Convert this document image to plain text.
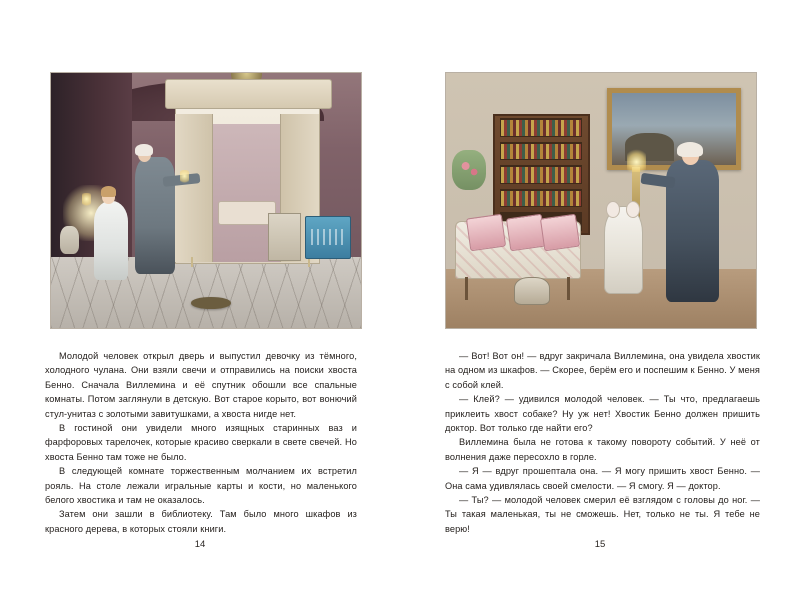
Молодой человек открыл дверь и выпустил девочку из тёмного, холодного чулана. Они взяли свечи и отправились на поиски хвоста Бенно. Сначала Виллемина и её спутник обошли все спальные комнаты. Потом заглянули в детскую. Вот старое корыто, вот вонючий стул-унитаз с золотыми завитушками, а хвоста нигде нет.

В гостиной они увидели много изящных старинных ваз и фарфоровых тарелочек, которые красиво сверкали в свете свечей. Но хвоста Бенно там тоже не было.

В следующей комнате торжественным молчанием их встретил рояль. На столе лежали игральные карты и кости, но маленького белого хвостика и там не оказалось.

Затем они зашли в библиотеку. Там было много шкафов из красного дерева, в которых стояли книги.

14

— Вот! Вот он! — вдруг закричала Виллемина, она увидела хвостик на одном из шкафов. — Скорее, берём его и поспешим к Бенно. У меня с собой клей.

— Клей? — удивился молодой человек. — Ты что, предлагаешь приклеить хвост собаке? Ну уж нет! Хвостик Бенно должен пришить доктор. Вот только где найти его?

Виллемина была не готова к такому повороту событий. У неё от волнения даже пересохло в горле.

— Я — вдруг прошептала она. — Я могу пришить хвост Бенно. — Она сама удивлялась своей смелости. — Я смогу. Я — доктор.

— Ты? — молодой человек смерил её взглядом с головы до ног. — Ты такая маленькая, ты не сможешь. Нет, только не ты. Я тебе не верю!

15
